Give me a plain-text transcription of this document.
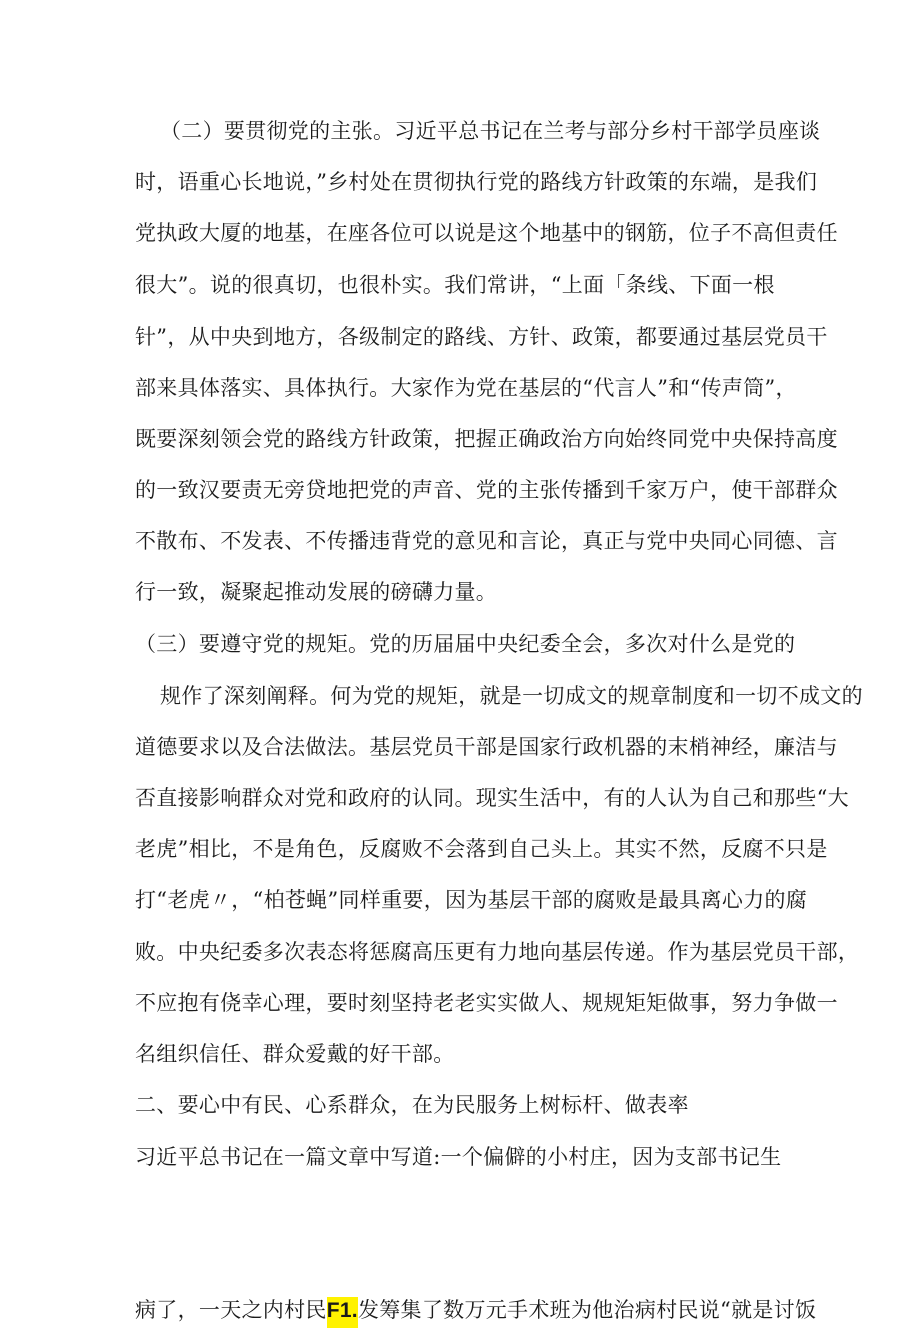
（二）要贯彻党的主张。习近平总书记在兰考与部分乡村干部学员座谈
时，语重心长地说，”乡村处在贯彻执行党的路线方针政策的东端，是我们
党执政大厦的地基，在座各位可以说是这个地基中的钢筋，位子不高但责任
很大”。说的很真切，也很朴实。我们常讲，“上面「条线、下面一根
针”，从中央到地方，各级制定的路线、方针、政策，都要通过基层党员干
部来具体落实、具体执行。大家作为党在基层的“代言人”和“传声筒”，
既要深刻领会党的路线方针政策，把握正确政治方向始终同党中央保持高度
的一致汉要责无旁贷地把党的声音、党的主张传播到千家万户，使干部群众
不散布、不发表、不传播违背党的意见和言论，真正与党中央同心同德、言
行一致，凝聚起推动发展的磅礴力量。
（三）要遵守党的规矩。党的历届届中央纪委全会，多次对什么是党的
规作了深刻阐释。何为党的规矩，就是一切成文的规章制度和一切不成文的
道德要求以及合法做法。基层党员干部是国家行政机器的末梢神经，廉洁与
否直接影响群众对党和政府的认同。现实生活中，有的人认为自己和那些“大
老虎”相比，不是角色，反腐败不会落到自己头上。其实不然，反腐不只是
打“老虎〃，“柏苍蝇”同样重要，因为基层干部的腐败是最具离心力的腐
败。中央纪委多次表态将惩腐高压更有力地向基层传递。作为基层党员干部，
不应抱有侥幸心理，要时刻坚持老老实实做人、规规矩矩做事，努力争做一
名组织信任、群众爱戴的好干部。
二、要心中有民、心系群众，在为民服务上树标杆、做表率
习近平总书记在一篇文章中写道:一个偏僻的小村庄，因为支部书记生
病了，一天之内村民F1.发筹集了数万元手术班为他治病村民说“就是讨饭
